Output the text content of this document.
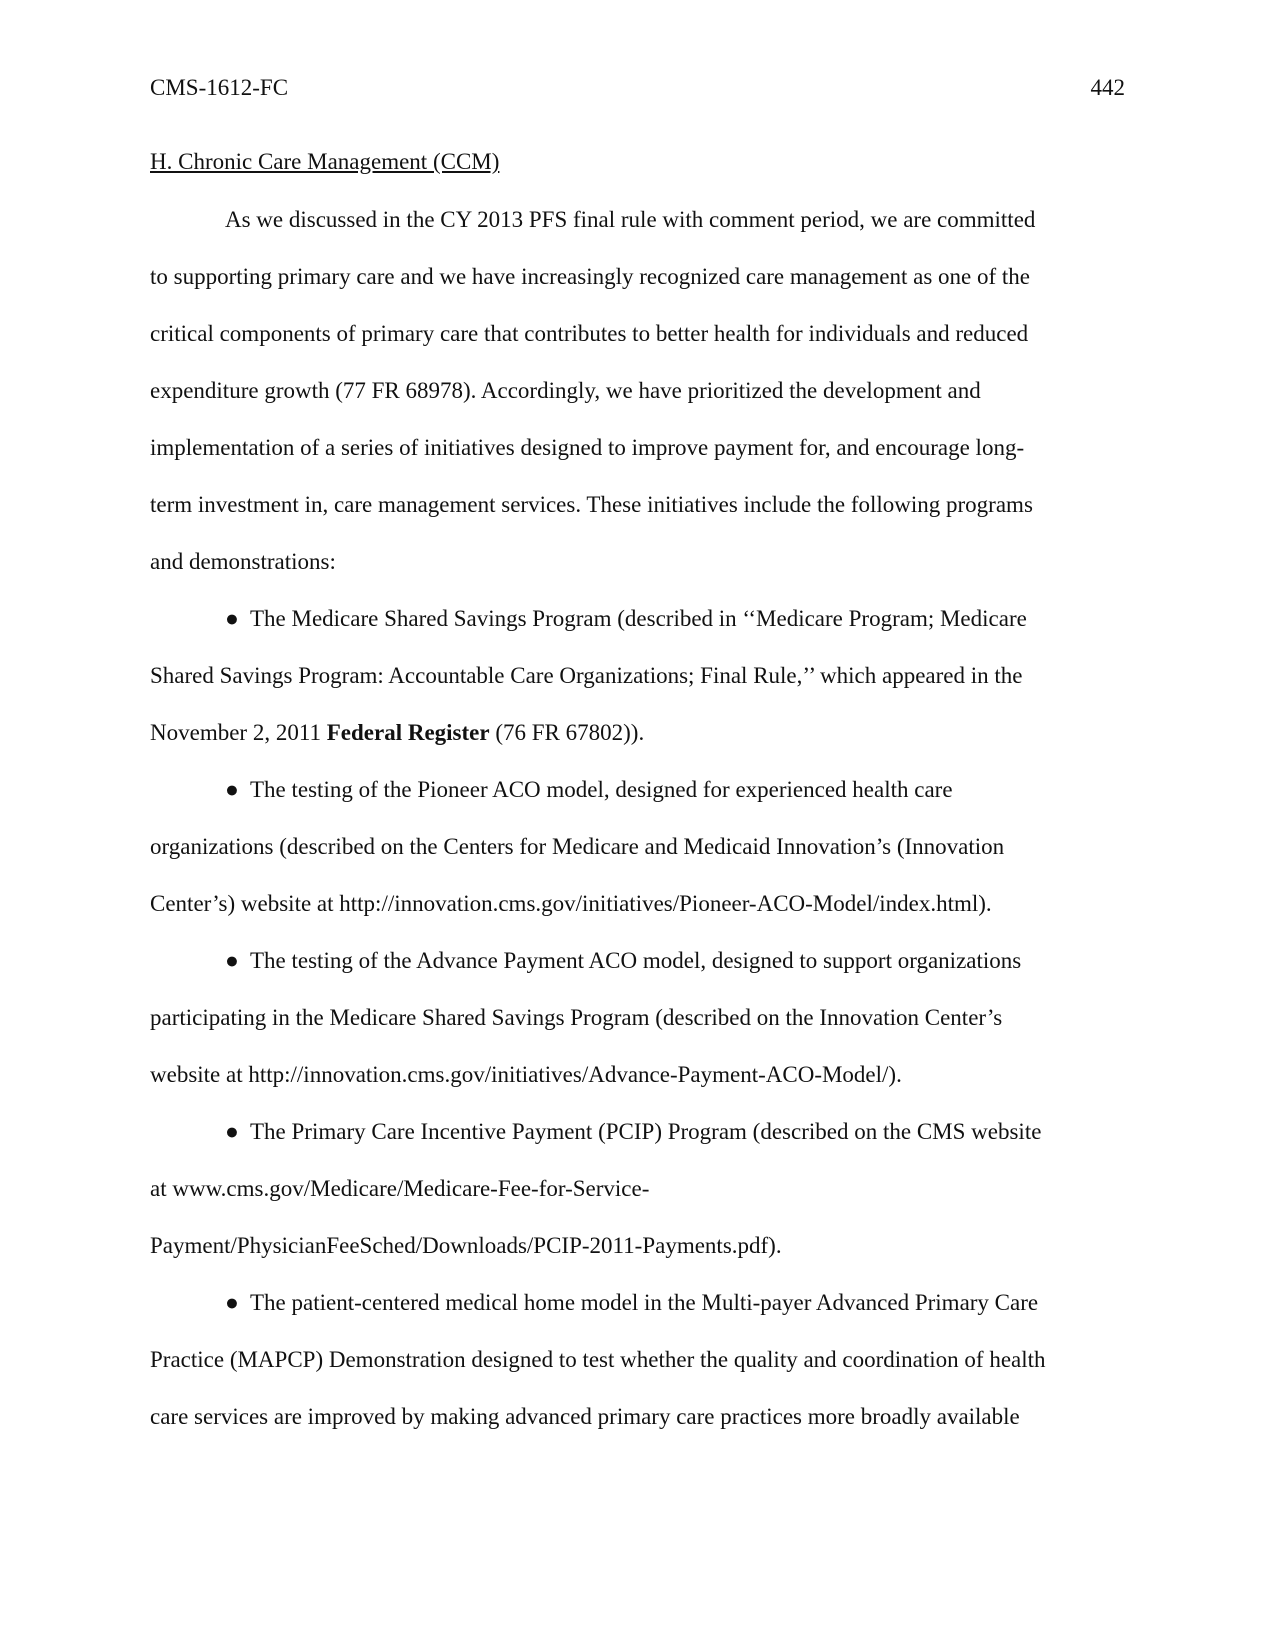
CMS-1612-FC	442
H. Chronic Care Management (CCM)
As we discussed in the CY 2013 PFS final rule with comment period, we are committed
to supporting primary care and we have increasingly recognized care management as one of the
critical components of primary care that contributes to better health for individuals and reduced
expenditure growth (77 FR 68978). Accordingly, we have prioritized the development and
implementation of a series of initiatives designed to improve payment for, and encourage long-
term investment in, care management services. These initiatives include the following programs
and demonstrations:
● The Medicare Shared Savings Program (described in ‘‘Medicare Program; Medicare
Shared Savings Program: Accountable Care Organizations; Final Rule,’’ which appeared in the
November 2, 2011 Federal Register (76 FR 67802)).
● The testing of the Pioneer ACO model, designed for experienced health care
organizations (described on the Centers for Medicare and Medicaid Innovation’s (Innovation
Center’s) website at http://innovation.cms.gov/initiatives/Pioneer-ACO-Model/index.html).
● The testing of the Advance Payment ACO model, designed to support organizations
participating in the Medicare Shared Savings Program (described on the Innovation Center’s
website at http://innovation.cms.gov/initiatives/Advance-Payment-ACO-Model/).
● The Primary Care Incentive Payment (PCIP) Program (described on the CMS website
at www.cms.gov/Medicare/Medicare-Fee-for-Service-
Payment/PhysicianFeeSched/Downloads/PCIP-2011-Payments.pdf).
● The patient-centered medical home model in the Multi-payer Advanced Primary Care
Practice (MAPCP) Demonstration designed to test whether the quality and coordination of health
care services are improved by making advanced primary care practices more broadly available
